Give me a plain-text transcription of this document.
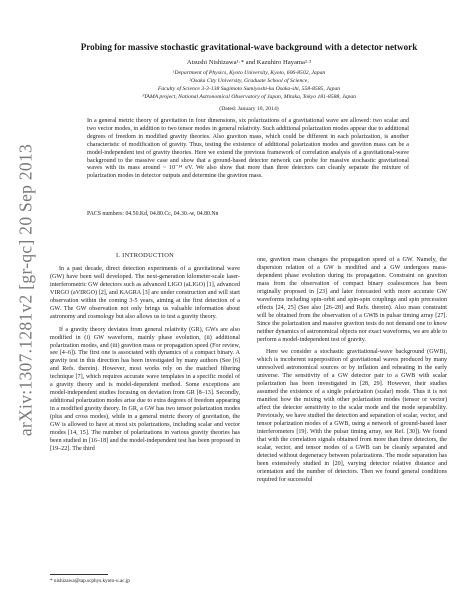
arXiv:1307.1281v2 [gr-qc] 20 Sep 2013
Probing for massive stochastic gravitational-wave background with a detector network
Atsushi Nishizawa¹·* and Kazuhiro Hayama²·³
¹Department of Physics, Kyoto University, Kyoto, 606-8502, Japan
²Osaka City University, Graduate School of Science,
Faculty of Science 3-3-138 Sugimoto Sumiyoshi-ku Osaka-shi, 558-8585, Japan
³TAMA project, National Astronomical Observatory of Japan, Mitaka, Tokyo 181-8588, Japan
(Dated: January 10, 2014)
In a general metric theory of gravitation in four dimensions, six polarizations of a gravitational wave are allowed: two scalar and two vector modes, in addition to two tensor modes in general relativity. Such additional polarization modes appear due to additional degrees of freedom in modified gravity theories. Also graviton mass, which could be different in each polarization, is another characteristic of modification of gravity. Thus, testing the existence of additional polarization modes and graviton mass can be a model-independent test of gravity theories. Here we extend the previous framework of correlation analysis of a gravitational-wave background to the massive case and show that a ground-based detector network can probe for massive stochastic gravitational waves with its mass around ~ 10⁻¹⁴ eV. We also show that more than three detectors can cleanly separate the mixture of polarization modes in detector outputs and determine the graviton mass.
PACS numbers: 04.50.Kd, 04.80.Cc, 04.30.-w, 04.80.Nn
I. INTRODUCTION

In a past decade, direct detection experiments of a gravitational wave (GW) have been well developed. The next-generation kilometer-scale laser-interferometric GW detectors such as advanced LIGO (aLIGO) [1], advanced VIRGO (aVIRGO) [2], and KAGRA [3] are under construction and will start observation within the coming 3-5 years, aiming at the first detection of a GW. The GW observation not only brings us valuable information about astronomy and cosmology but also allows us to test a gravity theory.

If a gravity theory deviates from general relativity (GR), GWs are also modified in (i) GW waveform, mainly phase evolution, (ii) additional polarization modes, and (iii) graviton mass or propagation speed (For review, see [4–6]). The first one is associated with dynamics of a compact binary. A gravity test in this direction has been investigated by many authors (See [6] and Refs. therein). However, most works rely on the matched filtering technique [7], which requires accurate wave templates in a specific model of a gravity theory and is model-dependent method. Some exceptions are model-independent studies focusing on deviation from GR [8–13]. Secondly, additional polarization modes arise due to extra degrees of freedom appearing in a modified gravity theory. In GR, a GW has two tensor polarization modes (plus and cross modes), while in a general metric theory of gravitation, the GW is allowed to have at most six polarizations, including scalar and vector modes [14, 15]. The number of polarizations in various gravity theories has been studied in [16–18] and the model-independent test has been proposed in [19–22]. The third

one, graviton mass changes the propagation speed of a GW. Namely, the dispersion relation of a GW is modified and a GW undergoes mass-dependent phase evolution during its propagation. Constraint on graviton mass from the observation of compact binary coalescences has been originally proposed in [23] and later forecasted with more accurate GW waveforms including spin-orbit and spin-spin couplings and spin precession effects [24, 25] (See also [26–28] and Refs. therein). Also mass constraint will be obtained from the observation of a GWB in pulsar timing array [27]. Since the polarization and massive graviton tests do not demand one to know neither dynamics of astronomical objects nor exact waveforms, we are able to perform a model-independent test of gravity.

Here we consider a stochastic gravitational-wave background (GWB), which is incoherent superposition of gravitational waves produced by many unresolved astronomical sources or by inflation and reheating in the early universe. The sensitivity of a GW detector pair to a GWB with scalar polarization has been investigated in [28, 29]. However, their studies assumed the existence of a single polarization (scalar) mode. Thus it is not manifest how the mixing with other polarization modes (tensor or vector) affect the detector sensitivity to the scalar mode and the mode separability. Previously, we have studied the detection and separation of scalar, vector, and tensor polarization modes of a GWB, using a network of ground-based laser interferometers [19]. With the pulsar timing array, see Ref. [30]). We found that with the correlation signals obtained from more than three detectors, the scalar, vector, and tensor modes of a GWB can be cleanly separated and detected without degeneracy between polarizations. The mode separation has been extensively studied in [20], varying detector relative distance and orientation and the number of detectors. Then we found general conditions required for successful

* nishizawa@tap.scphys.kyoto-u.ac.jp
